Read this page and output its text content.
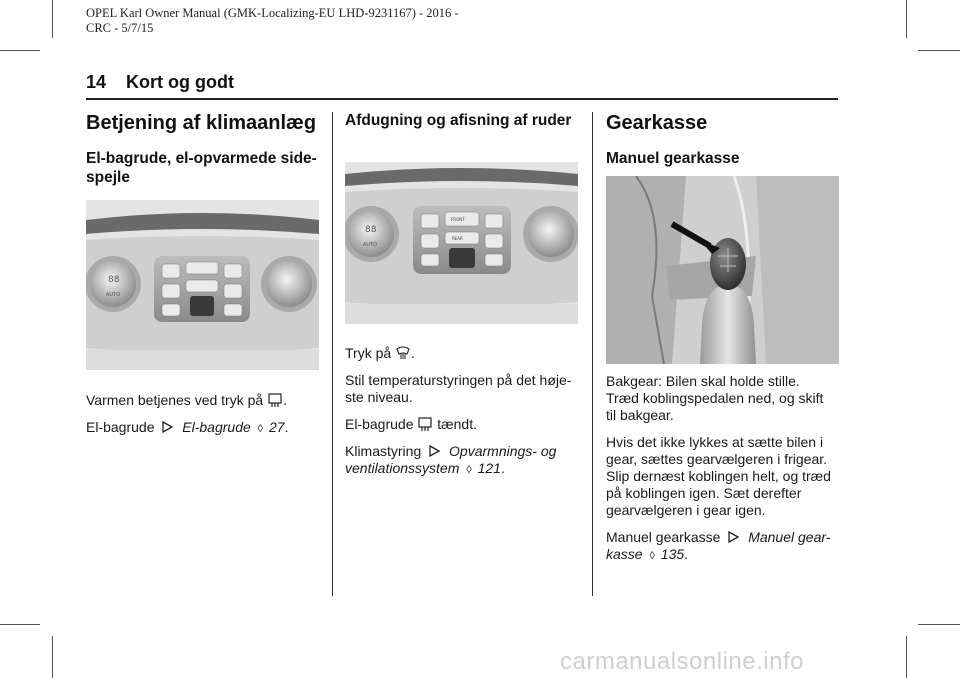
OPEL Karl Owner Manual (GMK-Localizing-EU LHD-9231167) - 2016 -
CRC - 5/7/15
14 Kort og godt
Betjening af klimaanlæg
El-bagrude, el-opvarmede side-
spejle
88
AUTO

Varmen betjenes ved tryk på .

El-bagrude El-bagrude ◊ 27.

Afdugning og afisning af ruder
88
AUTO
FRONT
REAR

Tryk på .

Stil temperaturstyringen på det høje-
ste niveau.

El-bagrude tændt.

Klimastyring Opvarmnings- og
ventilationssystem ◊ 121.

Gearkasse
Manuel gearkasse

Bakgear: Bilen skal holde stille.
Træd koblingspedalen ned, og skift
til bakgear.

Hvis det ikke lykkes at sætte bilen i
gear, sættes gearvælgeren i frigear.
Slip dernæst koblingen helt, og træd
på koblingen igen. Sæt derefter
gearvælgeren i gear igen.

Manuel gearkasse Manuel gear-
kasse ◊ 135.

carmanualsonline.info
